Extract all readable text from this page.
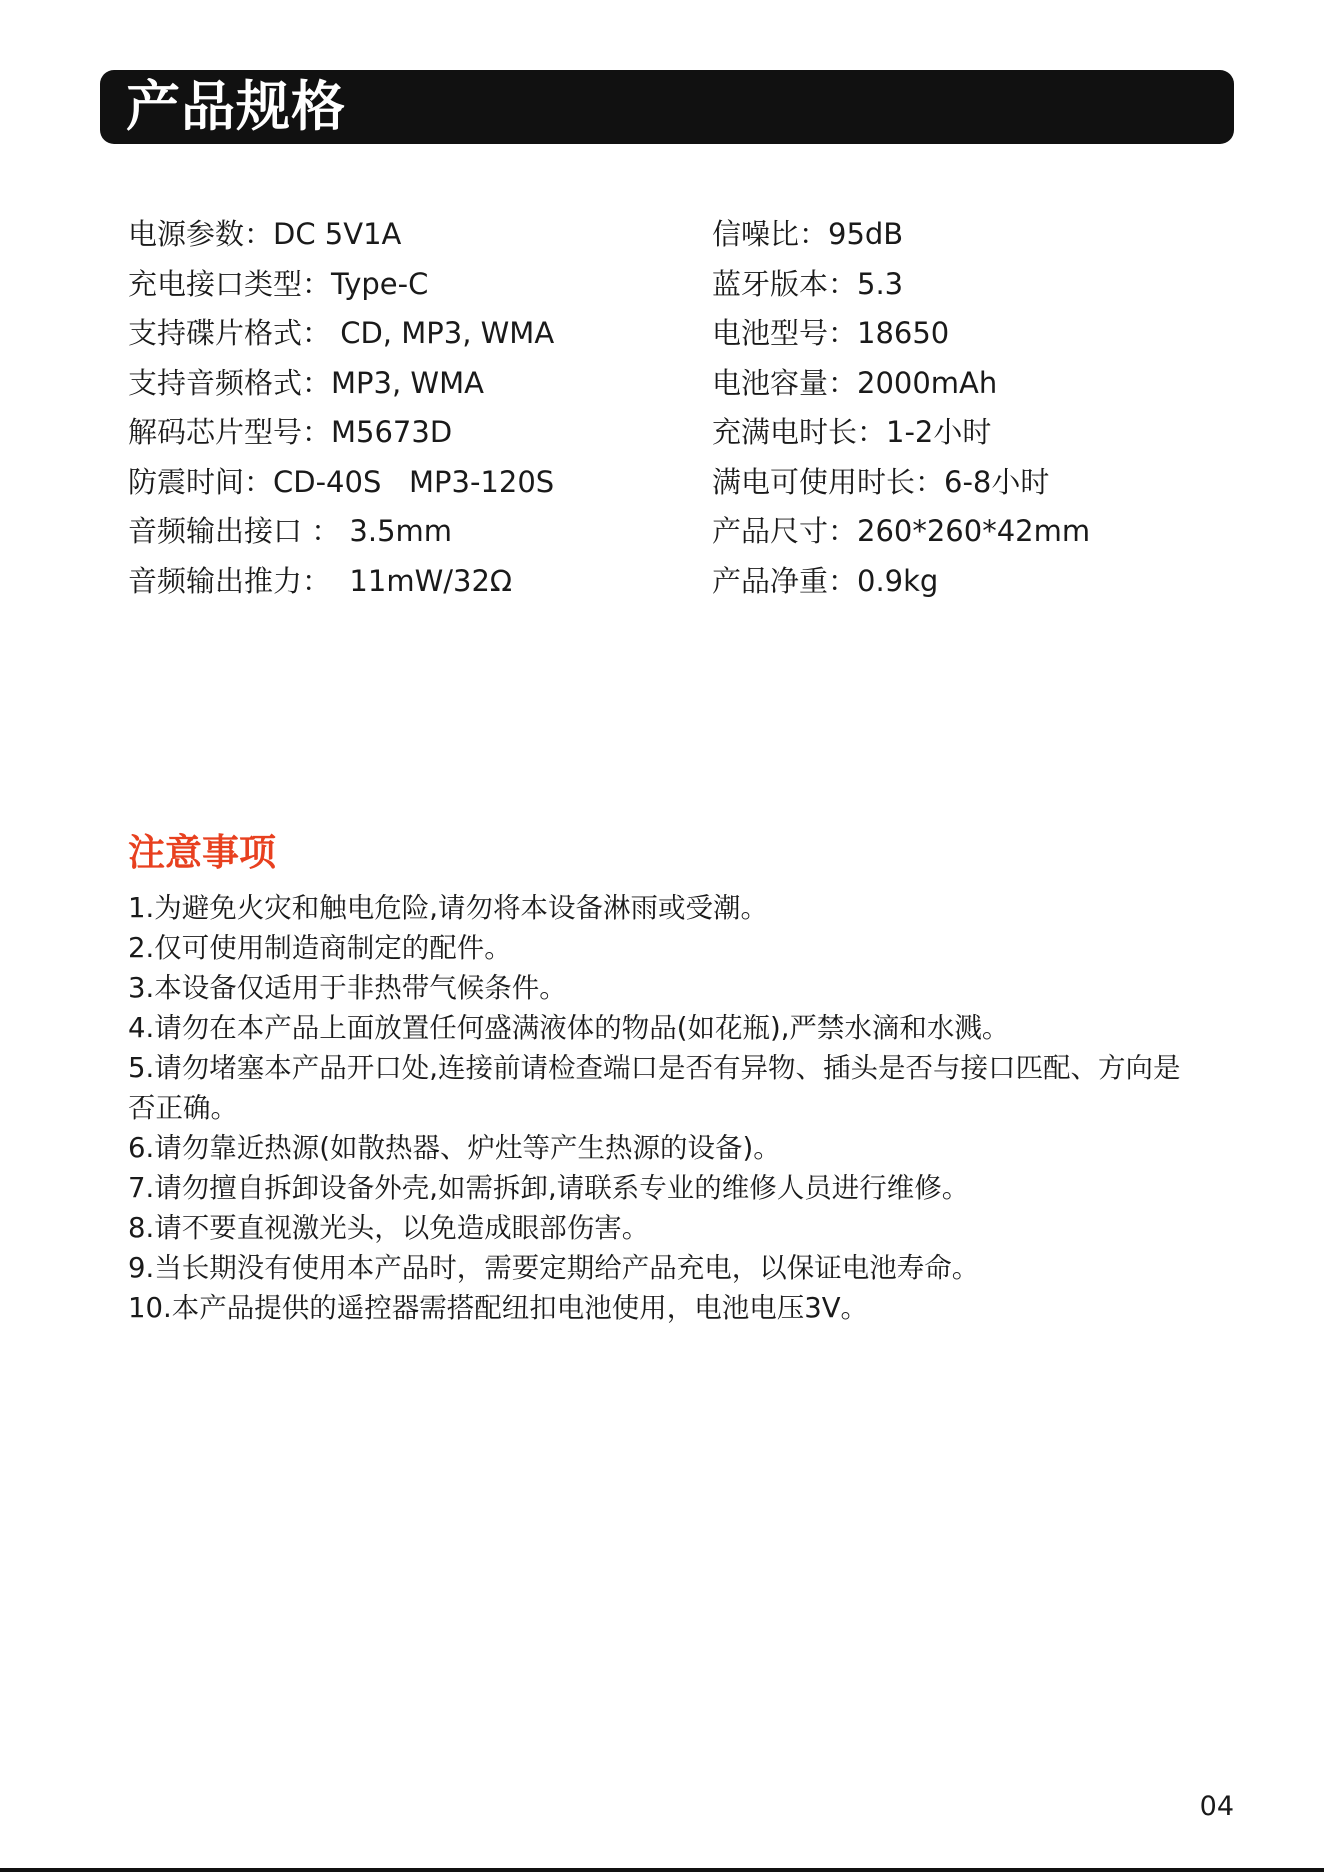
产品规格
电源参数：DC 5V1A
充电接口类型：Type-C
支持碟片格式： CD, MP3, WMA
支持音频格式：MP3, WMA
解码芯片型号：M5673D
防震时间：CD-40S   MP3-120S
音频输出接口 ： 3.5mm
音频输出推力：  11mW/32Ω
信噪比：95dB
蓝牙版本：5.3
电池型号：18650
电池容量：2000mAh
充满电时长：1-2小时
满电可使用时长：6-8小时
产品尺寸：260*260*42mm
产品净重：0.9kg
注意事项

1.为避免火灾和触电危险,请勿将本设备淋雨或受潮。

2.仅可使用制造商制定的配件。

3.本设备仅适用于非热带气候条件。

4.请勿在本产品上面放置任何盛满液体的物品(如花瓶),严禁水滴和水溅。

5.请勿堵塞本产品开口处,连接前请检查端口是否有异物、插头是否与接口匹配、方向是否正确。

6.请勿靠近热源(如散热器、炉灶等产生热源的设备)。

7.请勿擅自拆卸设备外壳,如需拆卸,请联系专业的维修人员进行维修。

8.请不要直视激光头，以免造成眼部伤害。

9.当长期没有使用本产品时，需要定期给产品充电，以保证电池寿命。

10.本产品提供的遥控器需搭配纽扣电池使用，电池电压3V。

04
